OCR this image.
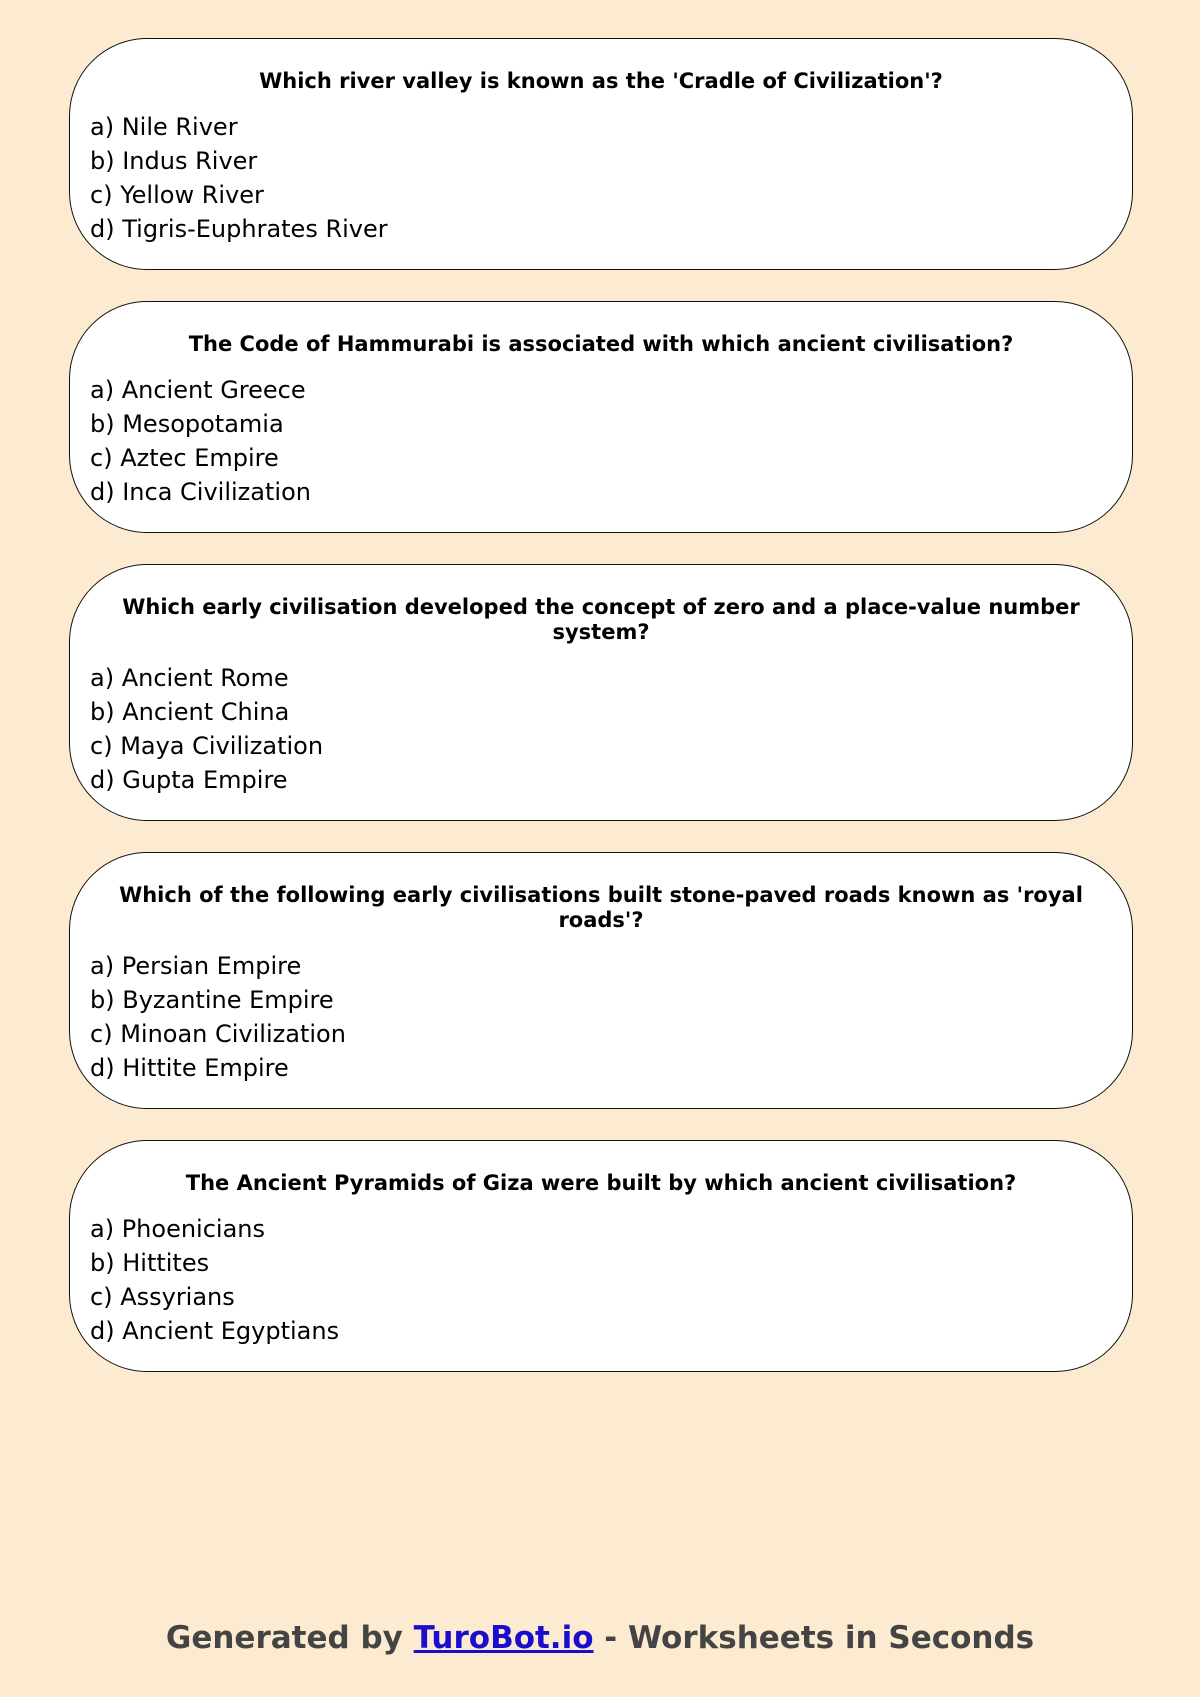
Which river valley is known as the 'Cradle of Civilization'?
a) Nile River
b) Indus River
c) Yellow River
d) Tigris-Euphrates River
The Code of Hammurabi is associated with which ancient civilisation?
a) Ancient Greece
b) Mesopotamia
c) Aztec Empire
d) Inca Civilization
Which early civilisation developed the concept of zero and a place-value number system?
a) Ancient Rome
b) Ancient China
c) Maya Civilization
d) Gupta Empire
Which of the following early civilisations built stone-paved roads known as 'royal roads'?
a) Persian Empire
b) Byzantine Empire
c) Minoan Civilization
d) Hittite Empire
The Ancient Pyramids of Giza were built by which ancient civilisation?
a) Phoenicians
b) Hittites
c) Assyrians
d) Ancient Egyptians
Generated by TuroBot.io - Worksheets in Seconds
